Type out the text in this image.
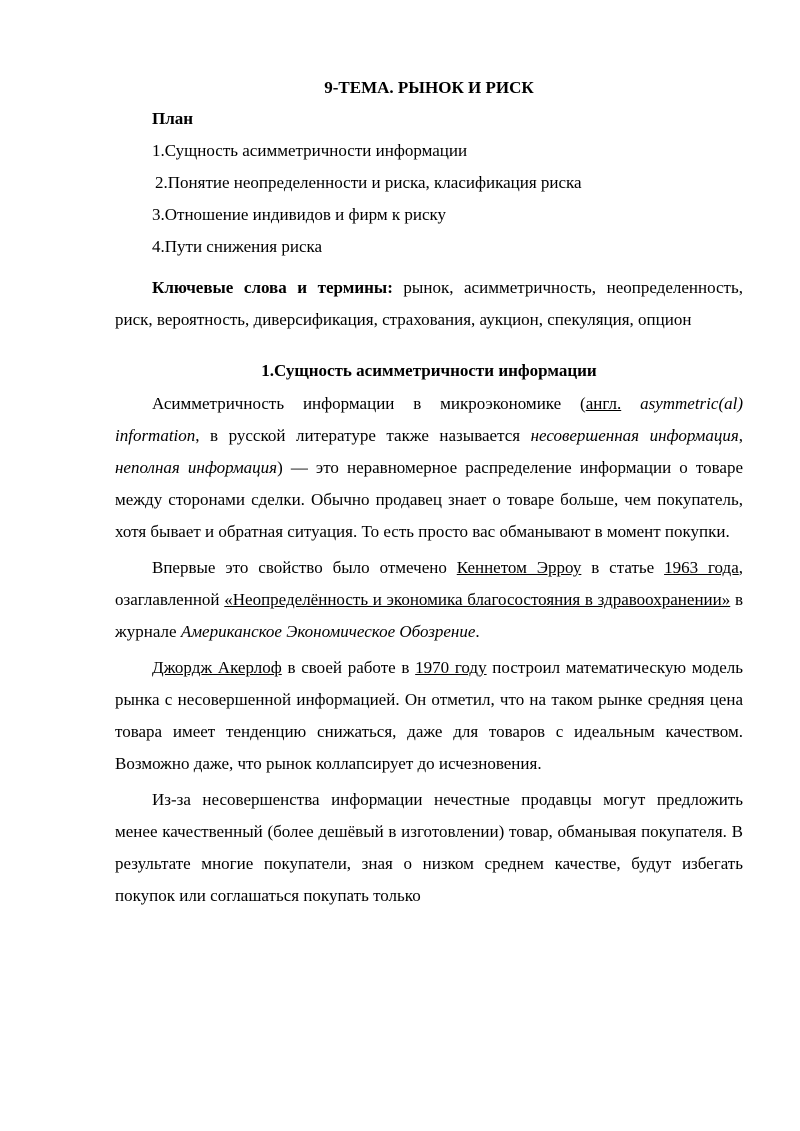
9-ТЕМА. РЫНОК И РИСК
План
1.Сущность асимметричности информации
2.Понятие неопределенности и риска, класификация риска
3.Отношение индивидов и фирм к риску
4.Пути снижения риска

Ключевые слова и термины: рынок, асимметричность, неопределенность, риск, вероятность, диверсификация, страхования, аукцион, спекуляция, опцион

1.Сущность асимметричности информации

Асимметричность информации в микроэкономике (англ. asymmetric(al) information, в русской литературе также называется несовершенная информация, неполная информация) — это неравномерное распределение информации о товаре между сторонами сделки. Обычно продавец знает о товаре больше, чем покупатель, хотя бывает и обратная ситуация. То есть просто вас обманывают в момент покупки.

Впервые это свойство было отмечено Кеннетом Эрроу в статье 1963 года, озаглавленной «Неопределённость и экономика благосостояния в здравоохранении» в журнале Американское Экономическое Обозрение.

Джордж Акерлоф в своей работе в 1970 году построил математическую модель рынка с несовершенной информацией. Он отметил, что на таком рынке средняя цена товара имеет тенденцию снижаться, даже для товаров с идеальным качеством. Возможно даже, что рынок коллапсирует до исчезновения.

Из-за несовершенства информации нечестные продавцы могут предложить менее качественный (более дешёвый в изготовлении) товар, обманывая покупателя. В результате многие покупатели, зная о низком среднем качестве, будут избегать покупок или соглашаться покупать только
